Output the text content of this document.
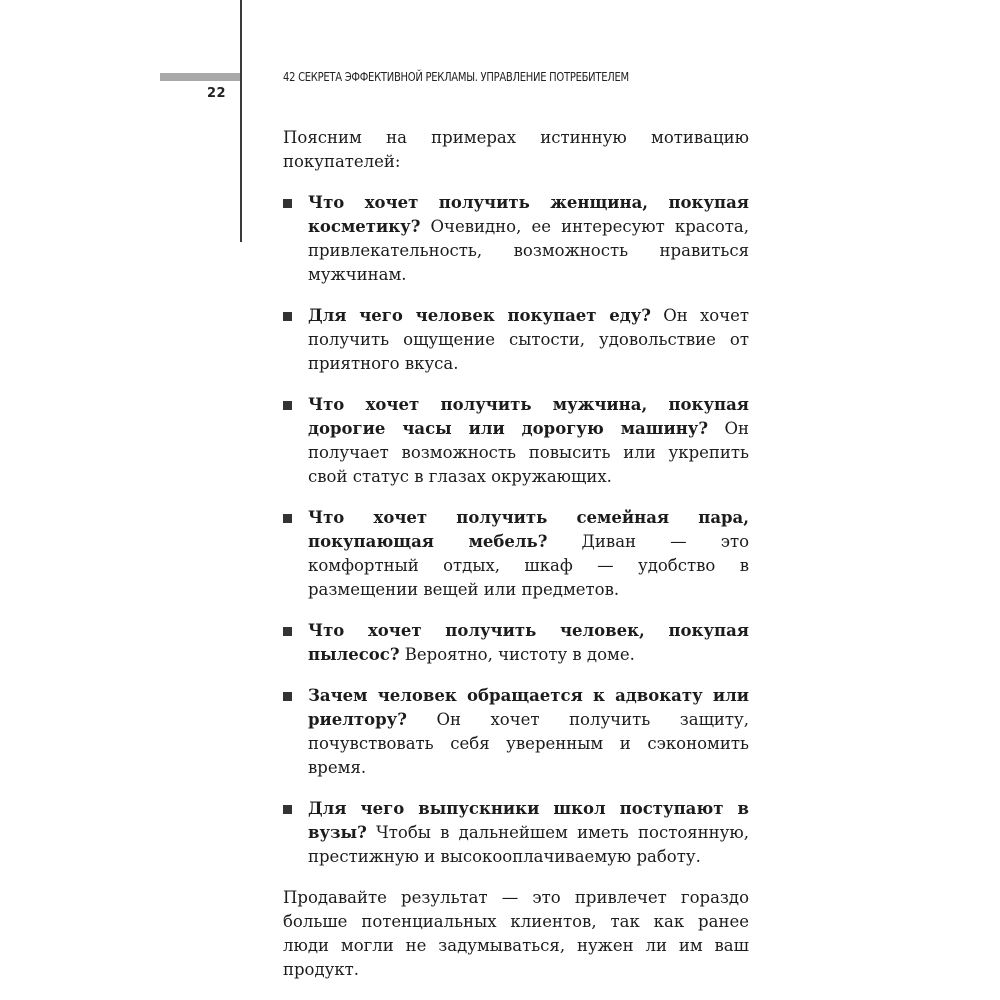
22
42 СЕКРЕТА ЭФФЕКТИВНОЙ РЕКЛАМЫ. УПРАВЛЕНИЕ ПОТРЕБИТЕЛЕМ

Поясним на примерах истинную мотивацию покупателей:

Что хочет получить женщина, покупая косметику? Очевидно, ее интересуют красота, привлекательность, возможность нравиться мужчинам.
Для чего человек покупает еду? Он хочет получить ощущение сытости, удовольствие от приятного вкуса.
Что хочет получить мужчина, покупая дорогие часы или дорогую машину? Он получает возможность повысить или укрепить свой статус в глазах окружающих.
Что хочет получить семейная пара, покупающая мебель? Диван — это комфортный отдых, шкаф — удобство в размещении вещей или предметов.
Что хочет получить человек, покупая пылесос? Вероятно, чистоту в доме.
Зачем человек обращается к адвокату или риелтору? Он хочет получить защиту, почувствовать себя уверенным и сэкономить время.
Для чего выпускники школ поступают в вузы? Чтобы в дальнейшем иметь постоянную, престижную и высокооплачиваемую работу.

Продавайте результат — это привлечет гораздо больше потенциальных клиентов, так как ранее люди могли не задумываться, нужен ли им ваш продукт.
